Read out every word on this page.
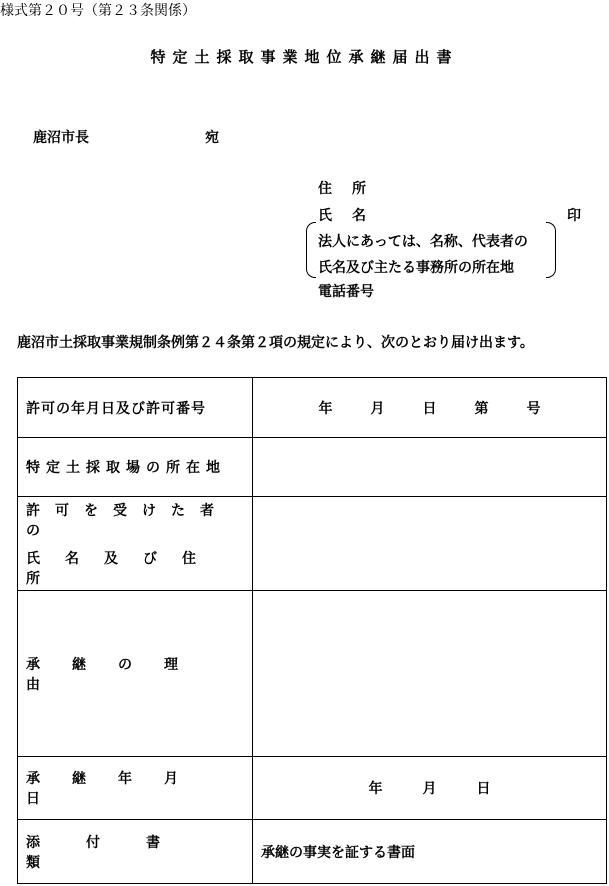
様式第２０号（第２３条関係）
特定土採取事業地位承継届出書
鹿沼市長	宛
住所
氏名	印
法人にあっては、名称、代表者の
氏名及び主たる事務所の所在地
電話番号
鹿沼市土採取事業規制条例第２４条第２項の規定により、次のとおり届け出ます。
許可の年月日及び許可番号	年 月 日 第 号

特定土採取場の所在地	

許可を受けた者の
氏名及び住所	

承継の理由	
承継年月日	年 月 日

添付書類	承継の事実を証する書面
